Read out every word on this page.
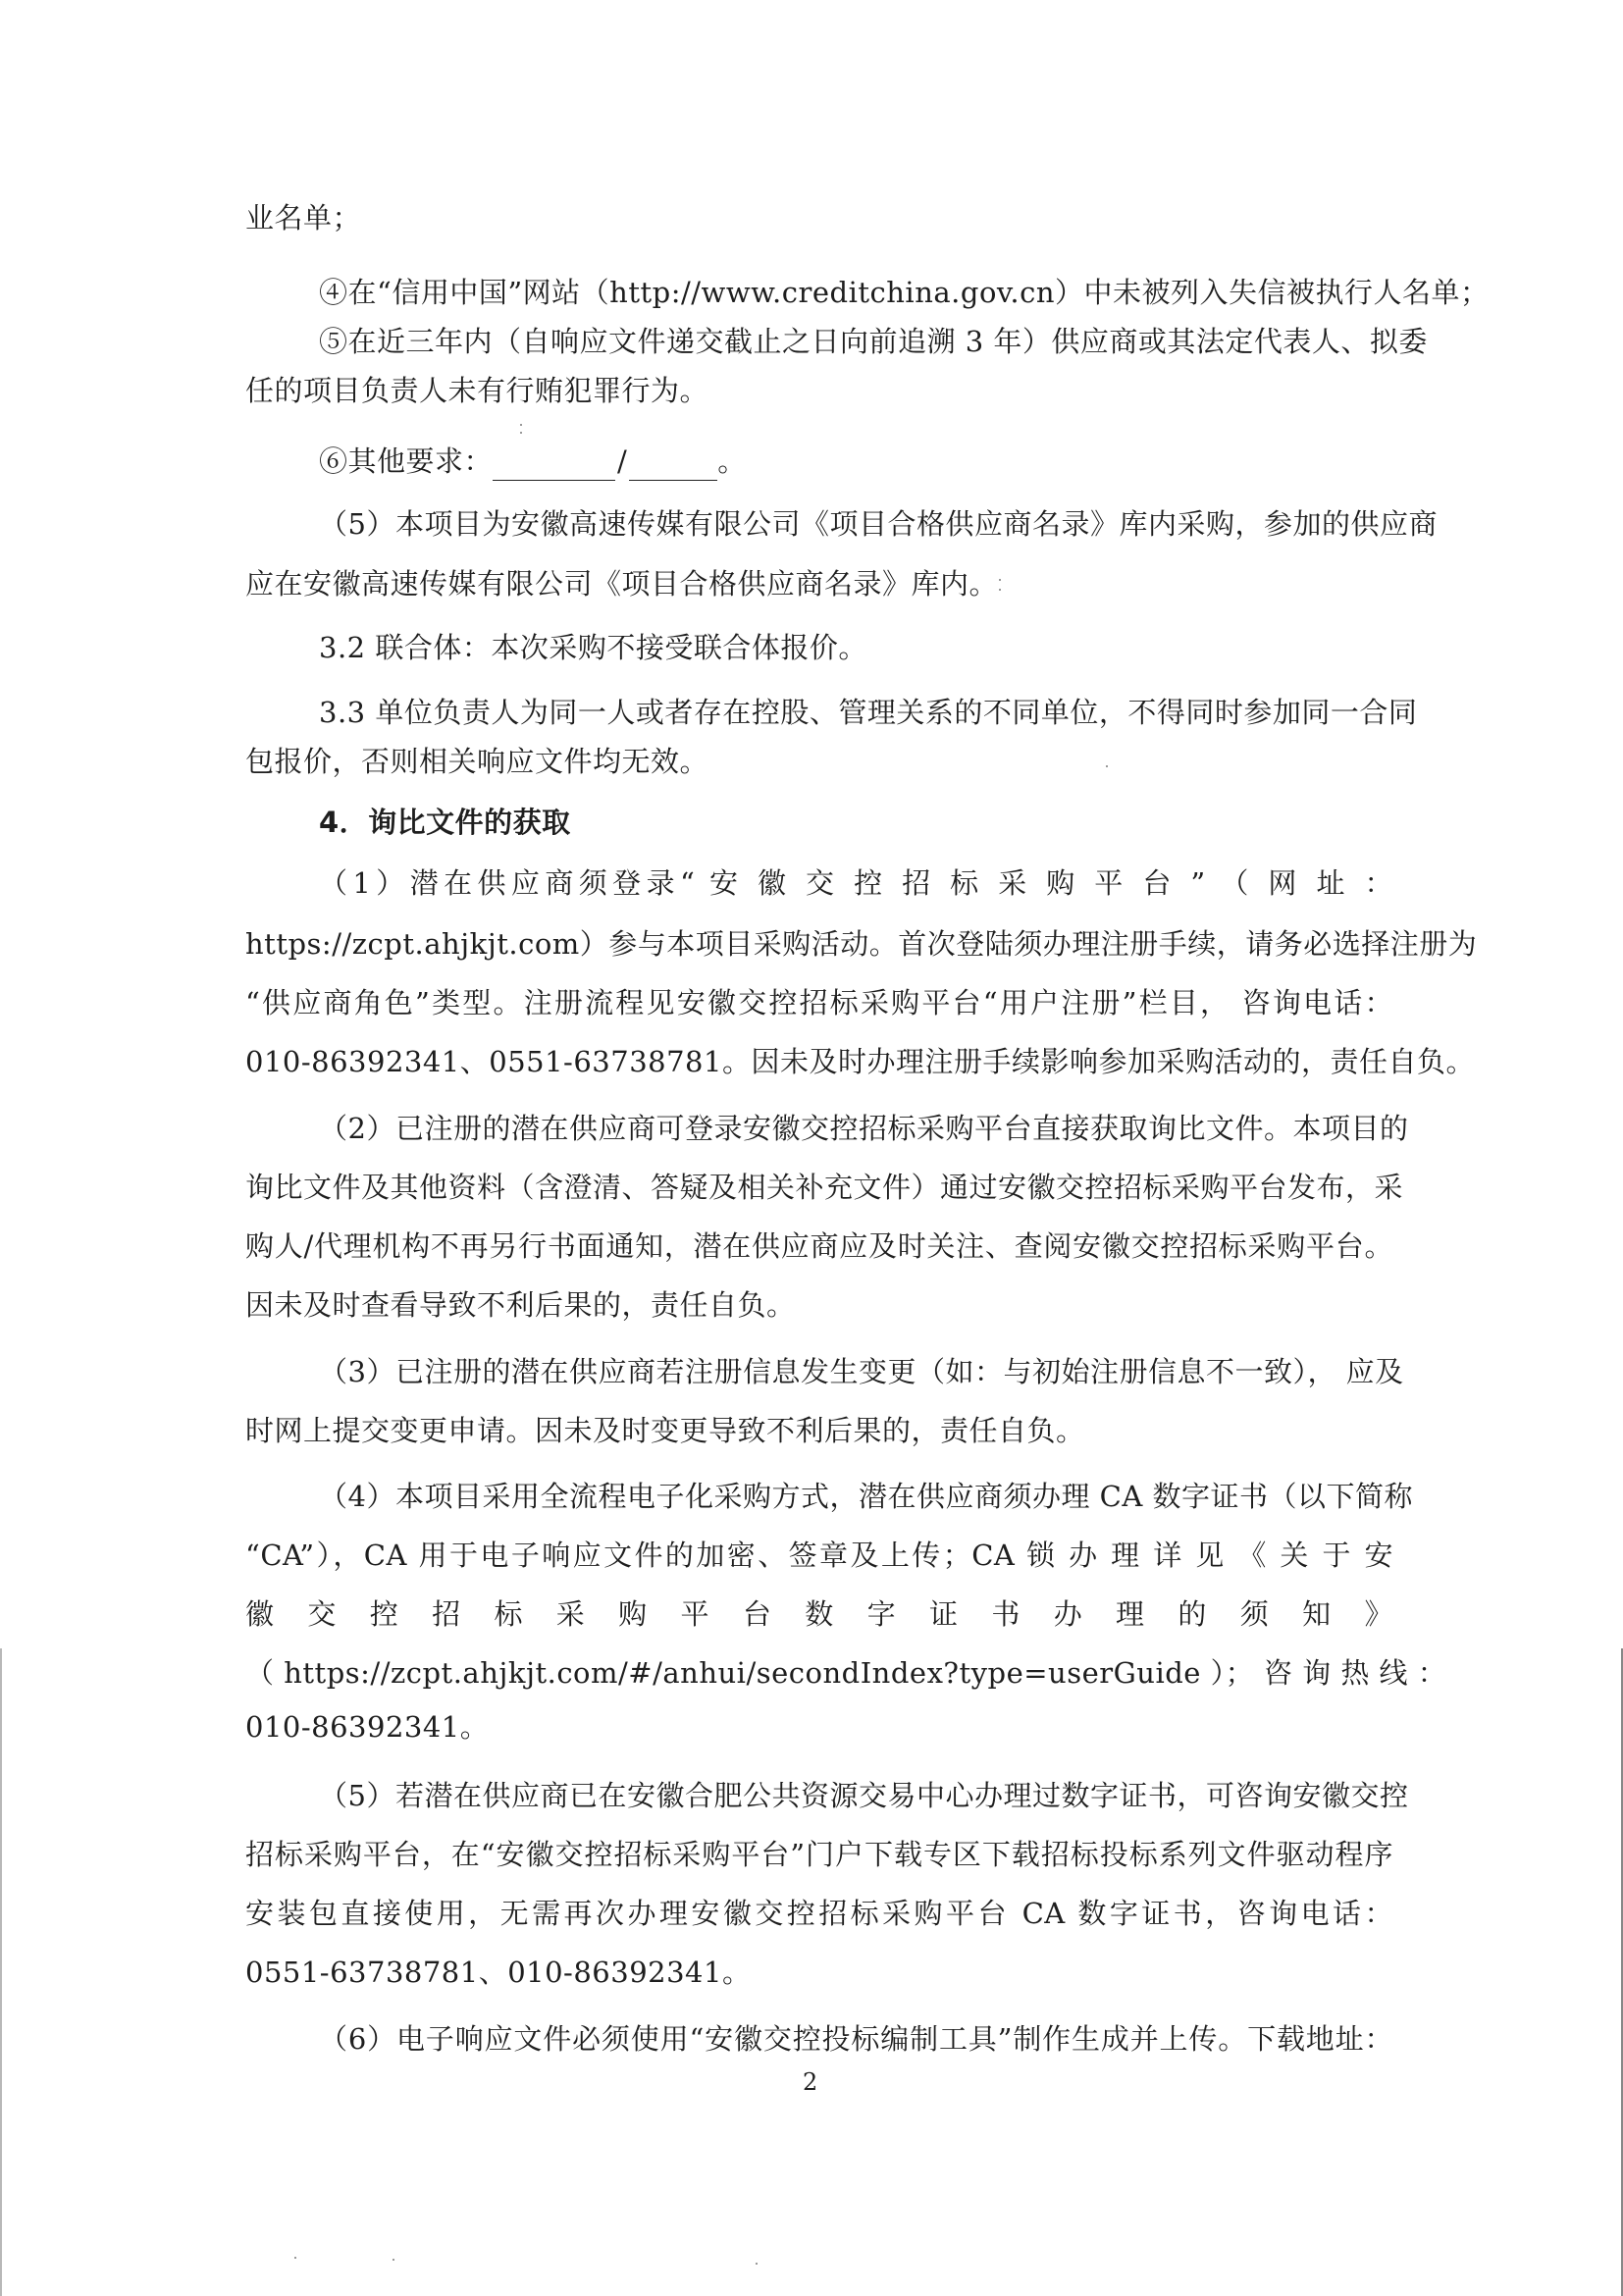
业名单；
④在“信用中国”网站（http://www.creditchina.gov.cn）中未被列入失信被执行人名单；
⑤在近三年内（自响应文件递交截止之日向前追溯 3 年）供应商或其法定代表人、拟委
任的项目负责人未有行贿犯罪行为。
⑥其他要求：	/	。
（5）本项目为安徽高速传媒有限公司《项目合格供应商名录》库内采购，参加的供应商
应在安徽高速传媒有限公司《项目合格供应商名录》库内。
3.2 联合体：本次采购不接受联合体报价。
3.3 单位负责人为同一人或者存在控股、管理关系的不同单位，不得同时参加同一合同
包报价，否则相关响应文件均无效。
4．询比文件的获取
（1）潜在供应商须登录“ 安 徽 交 控 招 标 采 购 平 台 ” （ 网 址 ：
https://zcpt.ahjkjt.com）参与本项目采购活动。首次登陆须办理注册手续，请务必选择注册为
“供应商角色”类型。注册流程见安徽交控招标采购平台“用户注册”栏目， 咨询电话：
010-86392341、0551-63738781。因未及时办理注册手续影响参加采购活动的，责任自负。
（2）已注册的潜在供应商可登录安徽交控招标采购平台直接获取询比文件。本项目的
询比文件及其他资料（含澄清、答疑及相关补充文件）通过安徽交控招标采购平台发布，采
购人/代理机构不再另行书面通知，潜在供应商应及时关注、查阅安徽交控招标采购平台。
因未及时查看导致不利后果的，责任自负。
（3）已注册的潜在供应商若注册信息发生变更（如：与初始注册信息不一致）， 应及
时网上提交变更申请。因未及时变更导致不利后果的，责任自负。
（4）本项目采用全流程电子化采购方式，潜在供应商须办理 CA 数字证书（以下简称
“CA”），CA 用于电子响应文件的加密、签章及上传；CA 锁 办 理 详 见 《 关 于 安
徽 交 控 招 标 采 购 平 台 数 字 证 书 办 理 的 须 知 》
（ https://zcpt.ahjkjt.com/#/anhui/secondIndex?type=userGuide ）； 咨 询 热 线 ：
010-86392341。
（5）若潜在供应商已在安徽合肥公共资源交易中心办理过数字证书，可咨询安徽交控
招标采购平台，在“安徽交控招标采购平台”门户下载专区下载招标投标系列文件驱动程序
安装包直接使用，无需再次办理安徽交控招标采购平台 CA 数字证书，咨询电话：
0551-63738781、010-86392341。
（6）电子响应文件必须使用“安徽交控投标编制工具”制作生成并上传。下载地址：
2
